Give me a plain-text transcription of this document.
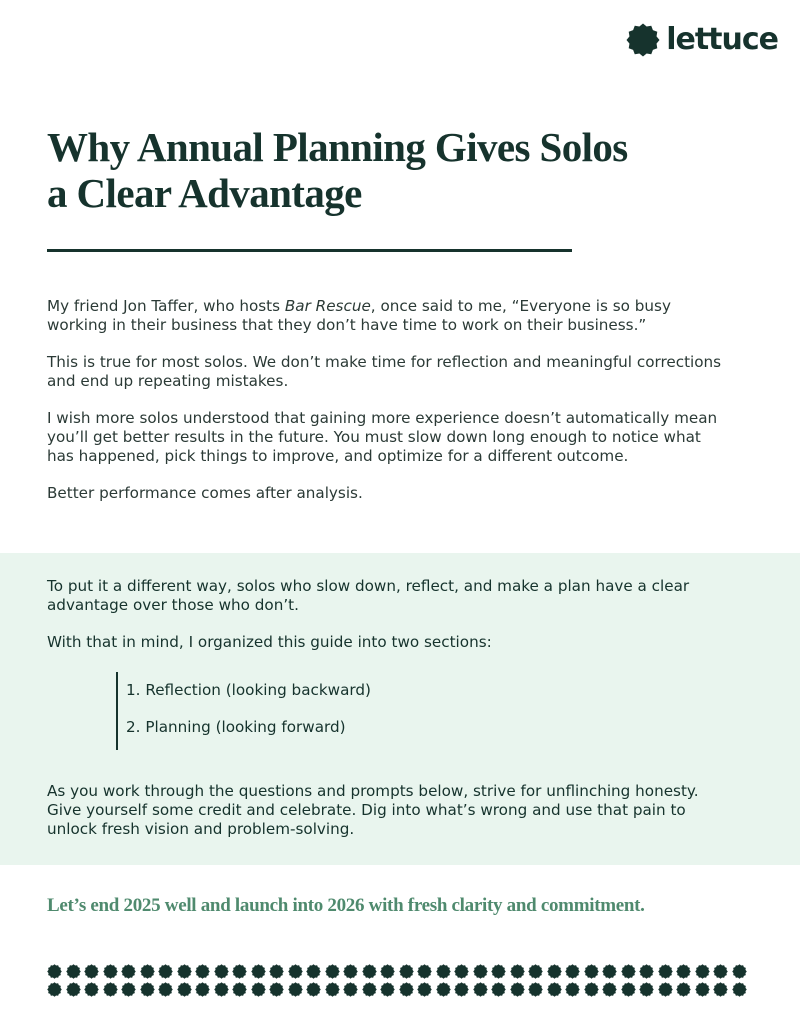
lettuce
Why Annual Planning Gives Solos
a Clear Advantage

My friend Jon Taffer, who hosts Bar Rescue, once said to me, “Everyone is so busy working in their business that they don’t have time to work on their business.”

This is true for most solos. We don’t make time for reflection and meaningful corrections and end up repeating mistakes.

I wish more solos understood that gaining more experience doesn’t automatically mean you’ll get better results in the future. You must slow down long enough to notice what has happened, pick things to improve, and optimize for a different outcome.

Better performance comes after analysis.

To put it a different way, solos who slow down, reflect, and make a plan have a clear advantage over those who don’t.

With that in mind, I organized this guide into two sections:

1. Reflection (looking backward)
2. Planning (looking forward)

As you work through the questions and prompts below, strive for unflinching honesty. Give yourself some credit and celebrate. Dig into what’s wrong and use that pain to unlock fresh vision and problem-solving.

Let’s end 2025 well and launch into 2026 with fresh clarity and commitment.
